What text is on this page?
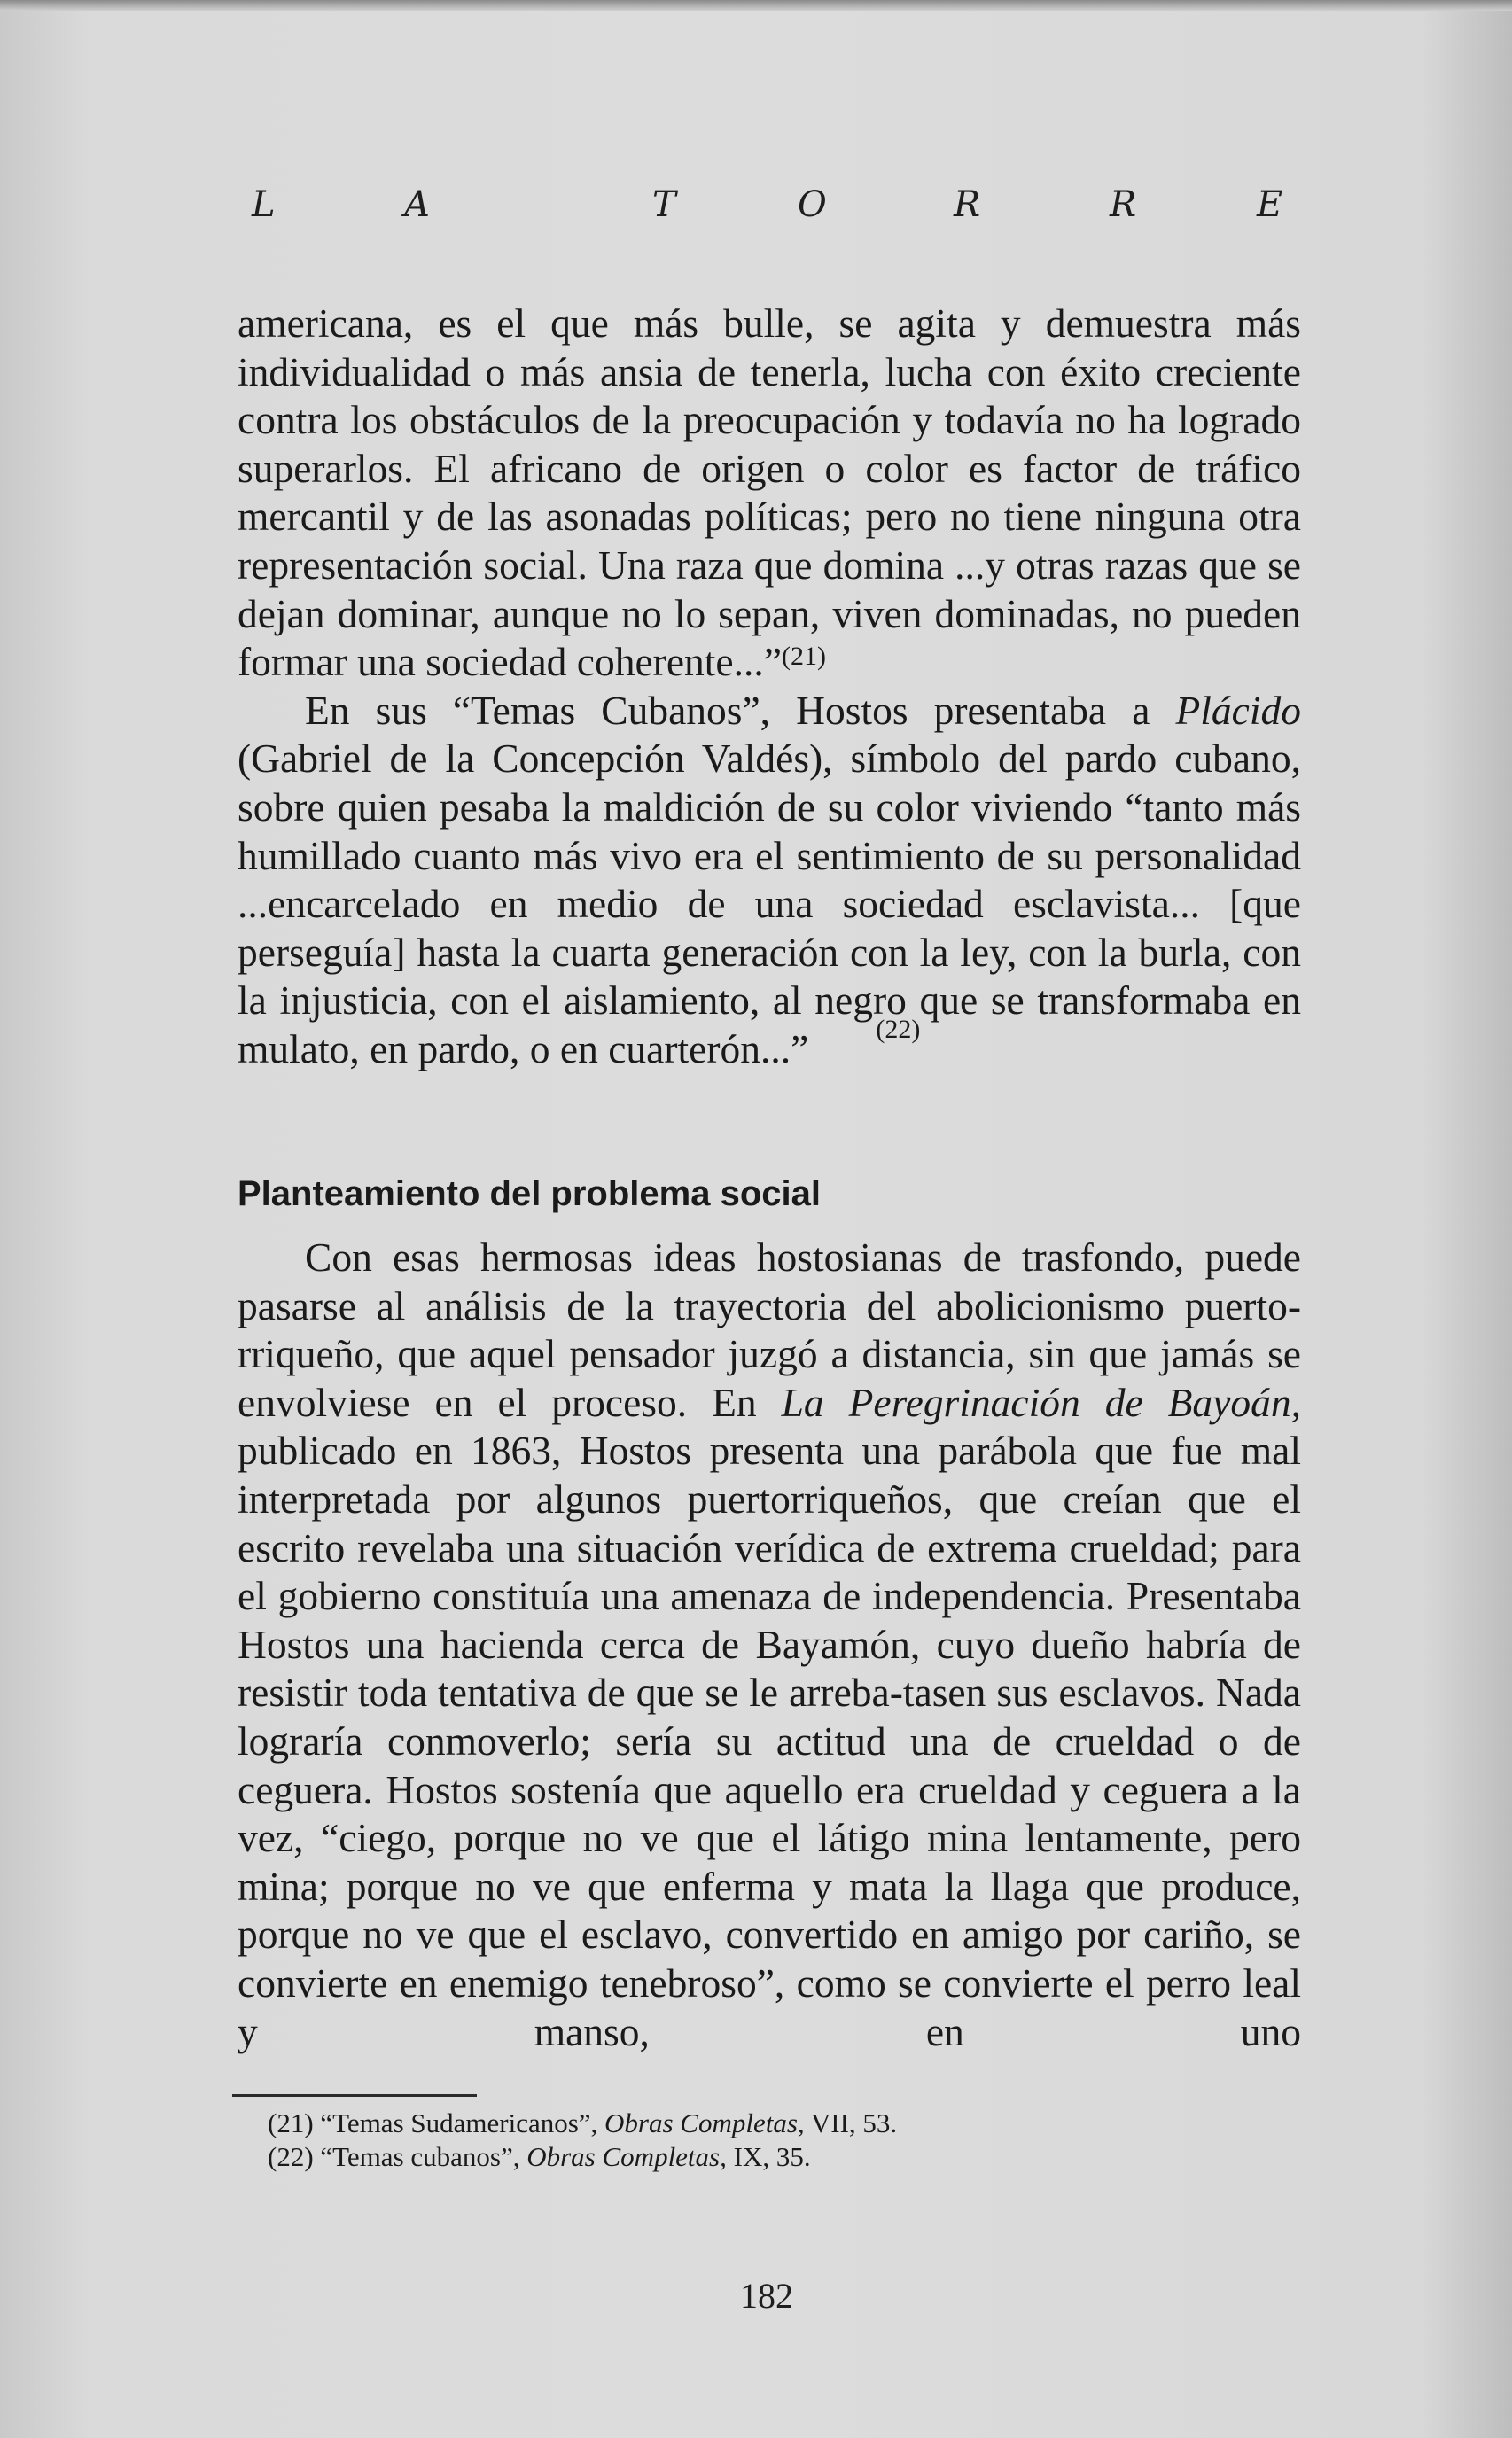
L	A	T	O	R	R	E

americana, es el que más bulle, se agita y demuestra más individualidad o más ansia de tenerla, lucha con éxito creciente contra los obstáculos de la preocupación y todavía no ha logrado superarlos. El africano de origen o color es factor de tráfico mercantil y de las asonadas políticas; pero no tiene ninguna otra representación social. Una raza que domina ...y otras razas que se dejan dominar, aunque no lo sepan, viven dominadas, no pueden formar una sociedad coherente...”$^{(21)}$

En sus “Temas Cubanos”, Hostos presentaba a Plácido (Gabriel de la Concepción Valdés), símbolo del pardo cubano, sobre quien pesaba la maldición de su color viviendo “tanto más humillado cuanto más vivo era el sentimiento de su personalidad ...encarcelado en medio de una sociedad esclavista... [que perseguía] hasta la cuarta generación con la ley, con la burla, con la injusticia, con el aislamiento, al negro que se transformaba en mulato, en pardo, o en cuarterón...”	(22)

Planteamiento del problema social

Con esas hermosas ideas hostosianas de trasfondo, puede pasarse al análisis de la trayectoria del abolicionismo puerto-rriqueño, que aquel pensador juzgó a distancia, sin que jamás se envolviese en el proceso. En La Peregrinación de Bayoán, publicado en 1863, Hostos presenta una parábola que fue mal interpretada por algunos puertorriqueños, que creían que el escrito revelaba una situación verídica de extrema crueldad; para el gobierno constituía una amenaza de independencia. Presentaba Hostos una hacienda cerca de Bayamón, cuyo dueño habría de resistir toda tentativa de que se le arreba-tasen sus esclavos. Nada lograría conmoverlo; sería su actitud una de crueldad o de ceguera. Hostos sostenía que aquello era crueldad y ceguera a la vez, “ciego, porque no ve que el látigo mina lentamente, pero mina; porque no ve que enferma y mata la llaga que produce, porque no ve que el esclavo, convertido en amigo por cariño, se convierte en enemigo tenebroso”, como se convierte el perro leal y manso, en uno

(21) “Temas Sudamericanos”, Obras Completas, VII, 53.
(22) “Temas cubanos”, Obras Completas, IX, 35.
182
